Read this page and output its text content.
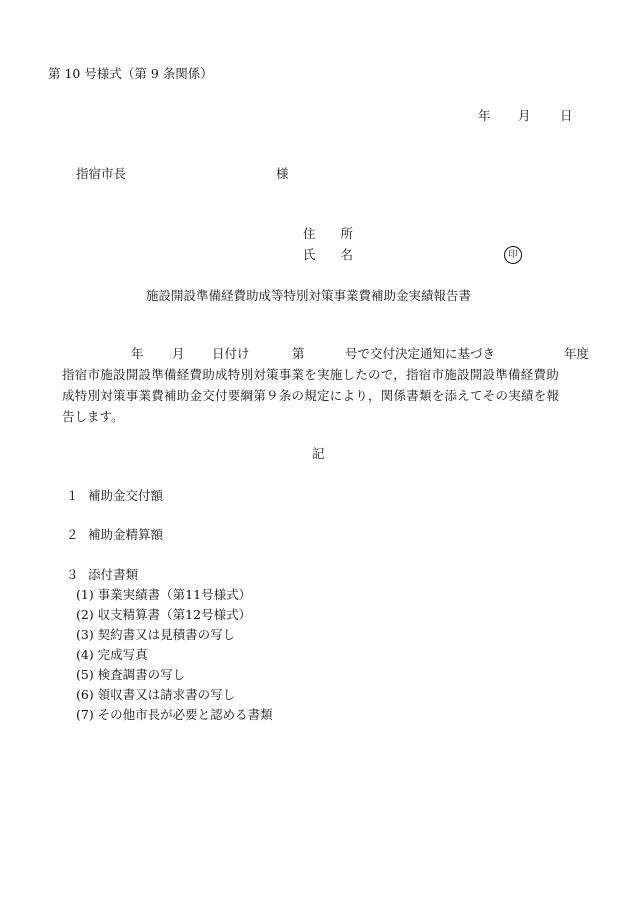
第 10 号様式（第 9 条関係）
年 月 日
指宿市長	様
住　　所
氏　　名	印
施設開設準備経費助成等特別対策事業費補助金実績報告書
年 月 日付け	第	号で交付決定通知に基づき	年度
指宿市施設開設準備経費助成特別対策事業を実施したので，指宿市施設開設準備経費助
成特別対策事業費補助金交付要綱第９条の規定により，関係書類を添えてその実績を報
告します。
記
１ 補助金交付額
２ 補助金精算額
３ 添付書類
(1) 事業実績書（第11号様式）
(2) 収支精算書（第12号様式）
(3) 契約書又は見積書の写し
(4) 完成写真
(5) 検査調書の写し
(6) 領収書又は請求書の写し
(7) その他市長が必要と認める書類
